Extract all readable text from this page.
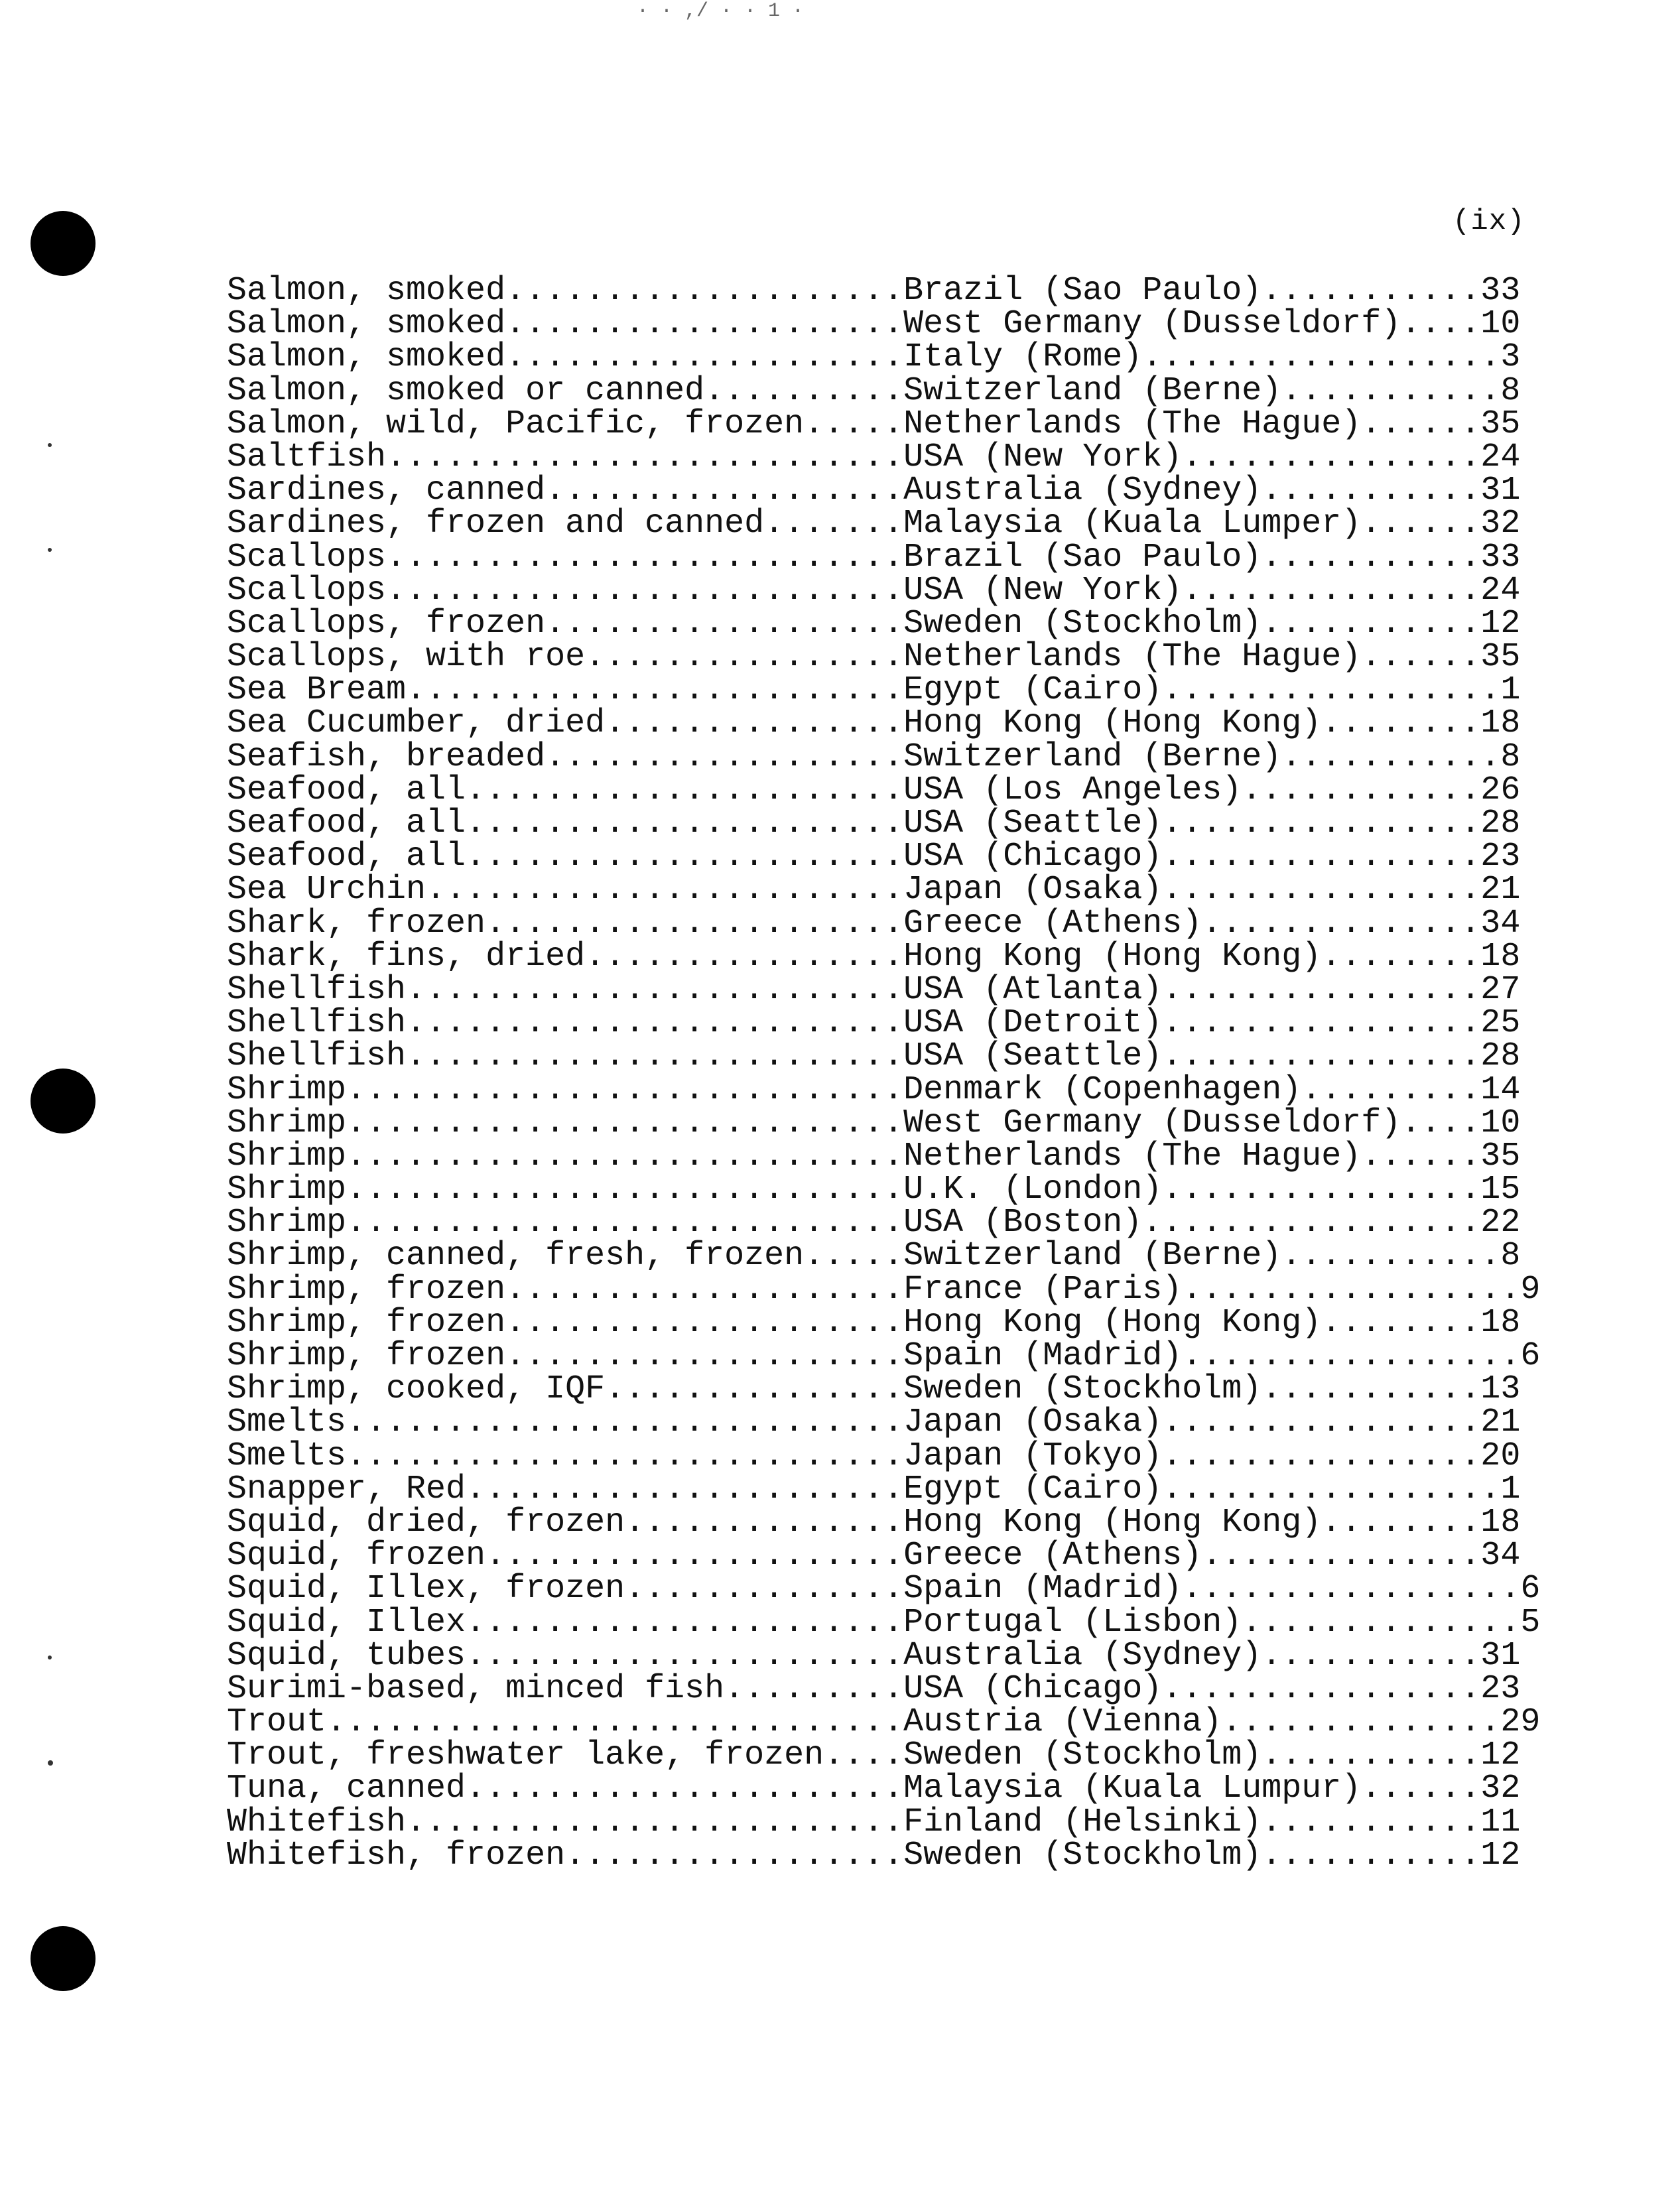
· · ,/ · · 1 ·
(ix)
Salmon, smoked....................Brazil (Sao Paulo)...........33
Salmon, smoked....................West Germany (Dusseldorf)....10
Salmon, smoked....................Italy (Rome)..................3
Salmon, smoked or canned..........Switzerland (Berne)...........8
Salmon, wild, Pacific, frozen.....Netherlands (The Hague)......35
Saltfish..........................USA (New York)...............24
Sardines, canned..................Australia (Sydney)...........31
Sardines, frozen and canned.......Malaysia (Kuala Lumper)......32
Scallops..........................Brazil (Sao Paulo)...........33
Scallops..........................USA (New York)...............24
Scallops, frozen..................Sweden (Stockholm)...........12
Scallops, with roe................Netherlands (The Hague)......35
Sea Bream.........................Egypt (Cairo).................1
Sea Cucumber, dried...............Hong Kong (Hong Kong)........18
Seafish, breaded..................Switzerland (Berne)...........8
Seafood, all......................USA (Los Angeles)............26
Seafood, all......................USA (Seattle)................28
Seafood, all......................USA (Chicago)................23
Sea Urchin........................Japan (Osaka)................21
Shark, frozen.....................Greece (Athens)..............34
Shark, fins, dried................Hong Kong (Hong Kong)........18
Shellfish.........................USA (Atlanta)................27
Shellfish.........................USA (Detroit)................25
Shellfish.........................USA (Seattle)................28
Shrimp............................Denmark (Copenhagen).........14
Shrimp............................West Germany (Dusseldorf)....10
Shrimp............................Netherlands (The Hague)......35
Shrimp............................U.K. (London)................15
Shrimp............................USA (Boston).................22
Shrimp, canned, fresh, frozen.....Switzerland (Berne)...........8
Shrimp, frozen....................France (Paris).................9
Shrimp, frozen....................Hong Kong (Hong Kong)........18
Shrimp, frozen....................Spain (Madrid).................6
Shrimp, cooked, IQF...............Sweden (Stockholm)...........13
Smelts............................Japan (Osaka)................21
Smelts............................Japan (Tokyo)................20
Snapper, Red......................Egypt (Cairo).................1
Squid, dried, frozen..............Hong Kong (Hong Kong)........18
Squid, frozen.....................Greece (Athens)..............34
Squid, Illex, frozen..............Spain (Madrid).................6
Squid, Illex......................Portugal (Lisbon)..............5
Squid, tubes......................Australia (Sydney)...........31
Surimi-based, minced fish.........USA (Chicago)................23
Trout.............................Austria (Vienna)..............29
Trout, freshwater lake, frozen....Sweden (Stockholm)...........12
Tuna, canned......................Malaysia (Kuala Lumpur)......32
Whitefish.........................Finland (Helsinki)...........11
Whitefish, frozen.................Sweden (Stockholm)...........12
